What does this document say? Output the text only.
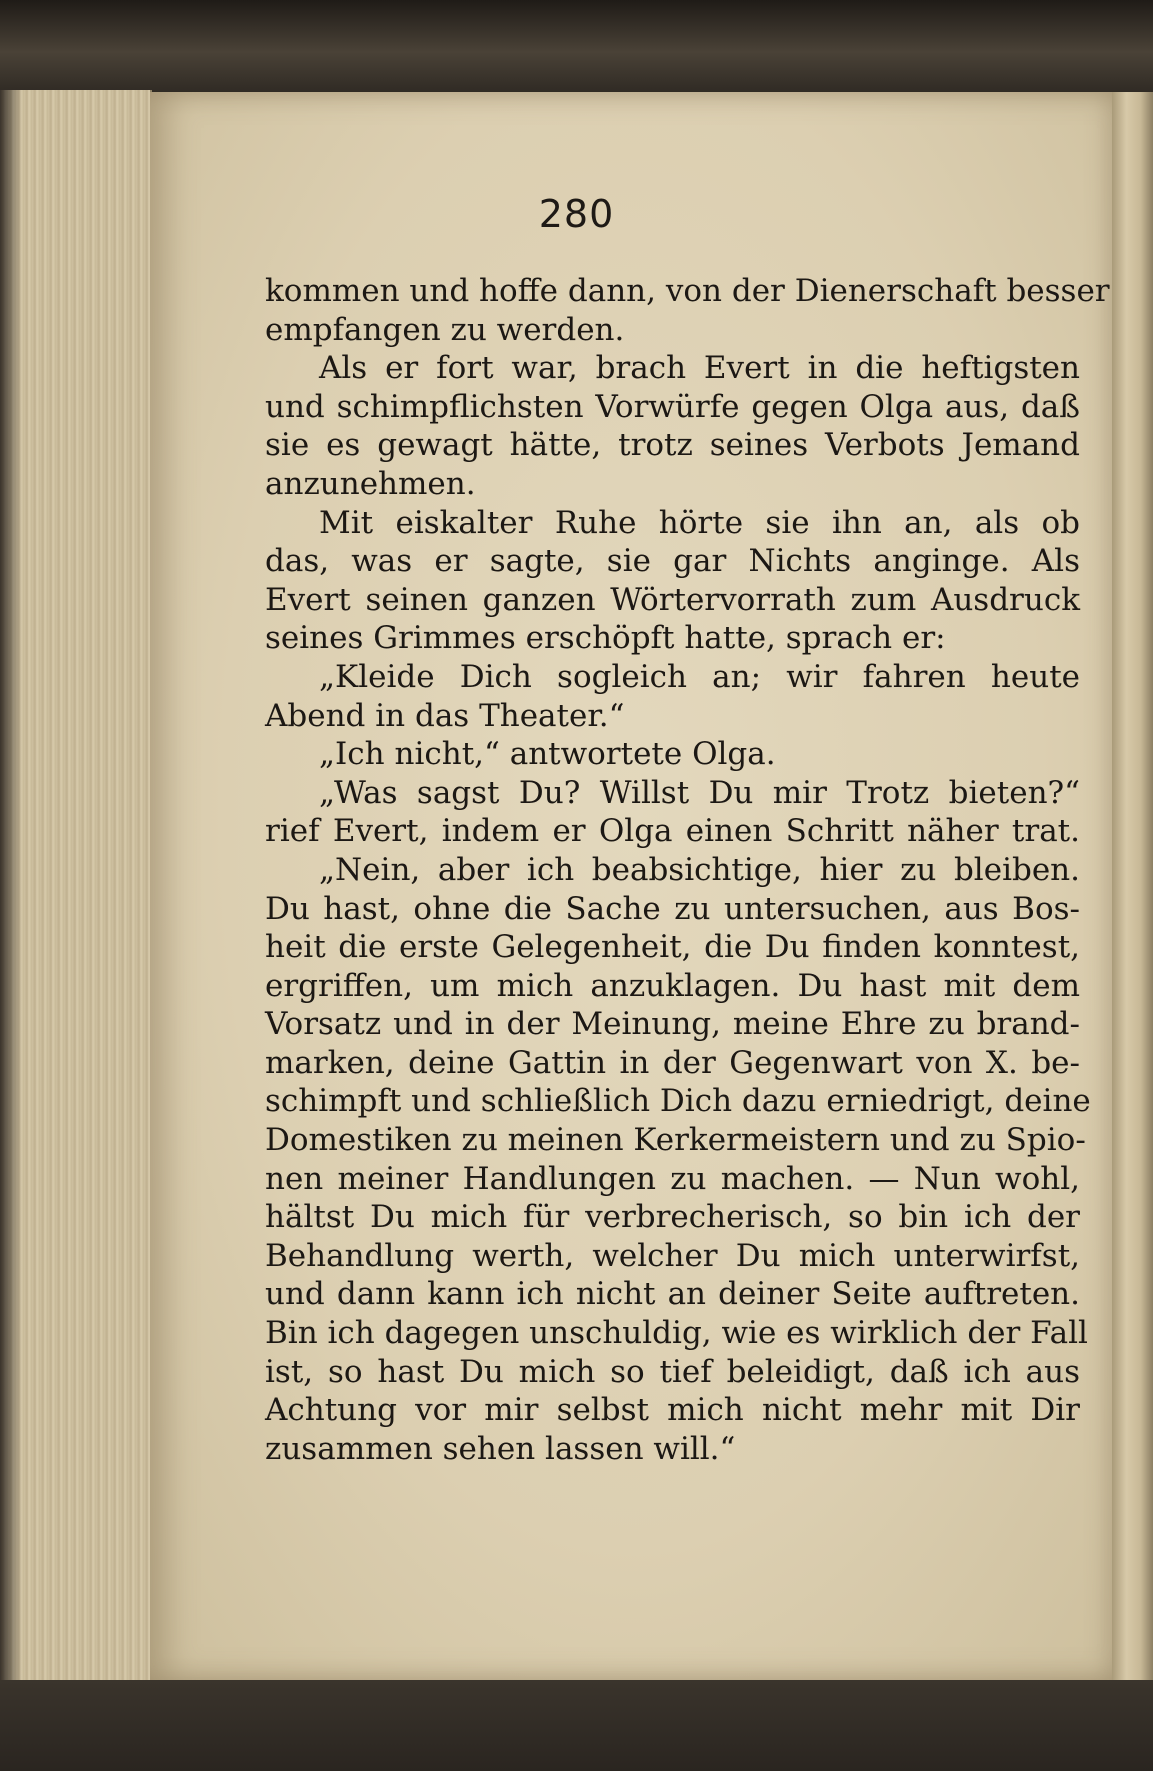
280
kommen und hoffe dann, von der Dienerschaft besser
empfangen zu werden.
Als er fort war, brach Evert in die heftigsten
und schimpflichsten Vorwürfe gegen Olga aus, daß
sie es gewagt hätte, trotz seines Verbots Jemand
anzunehmen.
Mit eiskalter Ruhe hörte sie ihn an, als ob
das, was er sagte, sie gar Nichts anginge. Als
Evert seinen ganzen Wörtervorrath zum Ausdruck
seines Grimmes erschöpft hatte, sprach er:
„Kleide Dich sogleich an; wir fahren heute
Abend in das Theater.“
„Ich nicht,“ antwortete Olga.
„Was sagst Du? Willst Du mir Trotz bieten?“
rief Evert, indem er Olga einen Schritt näher trat.
„Nein, aber ich beabsichtige, hier zu bleiben.
Du hast, ohne die Sache zu untersuchen, aus Bos-
heit die erste Gelegenheit, die Du finden konntest,
ergriffen, um mich anzuklagen. Du hast mit dem
Vorsatz und in der Meinung, meine Ehre zu brand-
marken, deine Gattin in der Gegenwart von X. be-
schimpft und schließlich Dich dazu erniedrigt, deine
Domestiken zu meinen Kerkermeistern und zu Spio-
nen meiner Handlungen zu machen. — Nun wohl,
hältst Du mich für verbrecherisch, so bin ich der
Behandlung werth, welcher Du mich unterwirfst,
und dann kann ich nicht an deiner Seite auftreten.
Bin ich dagegen unschuldig, wie es wirklich der Fall
ist, so hast Du mich so tief beleidigt, daß ich aus
Achtung vor mir selbst mich nicht mehr mit Dir
zusammen sehen lassen will.“
